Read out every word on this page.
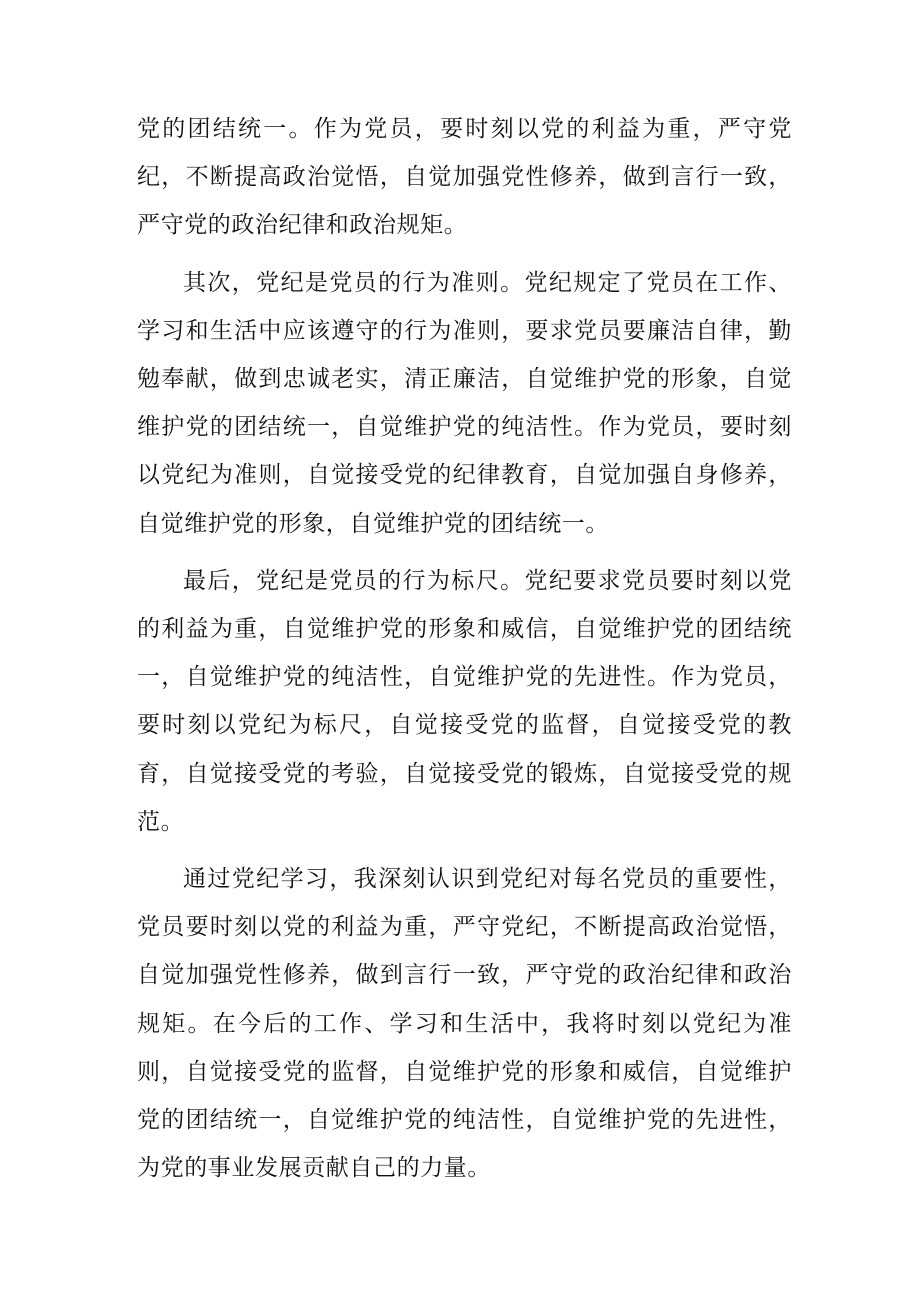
党的团结统一。作为党员，要时刻以党的利益为重，严守党纪，不断提高政治觉悟，自觉加强党性修养，做到言行一致，严守党的政治纪律和政治规矩。

其次，党纪是党员的行为准则。党纪规定了党员在工作、学习和生活中应该遵守的行为准则，要求党员要廉洁自律，勤勉奉献，做到忠诚老实，清正廉洁，自觉维护党的形象，自觉维护党的团结统一，自觉维护党的纯洁性。作为党员，要时刻以党纪为准则，自觉接受党的纪律教育，自觉加强自身修养，自觉维护党的形象，自觉维护党的团结统一。

最后，党纪是党员的行为标尺。党纪要求党员要时刻以党的利益为重，自觉维护党的形象和威信，自觉维护党的团结统一，自觉维护党的纯洁性，自觉维护党的先进性。作为党员，要时刻以党纪为标尺，自觉接受党的监督，自觉接受党的教育，自觉接受党的考验，自觉接受党的锻炼，自觉接受党的规范。

通过党纪学习，我深刻认识到党纪对每名党员的重要性，党员要时刻以党的利益为重，严守党纪，不断提高政治觉悟，自觉加强党性修养，做到言行一致，严守党的政治纪律和政治规矩。在今后的工作、学习和生活中，我将时刻以党纪为准则，自觉接受党的监督，自觉维护党的形象和威信，自觉维护党的团结统一，自觉维护党的纯洁性，自觉维护党的先进性，为党的事业发展贡献自己的力量。
